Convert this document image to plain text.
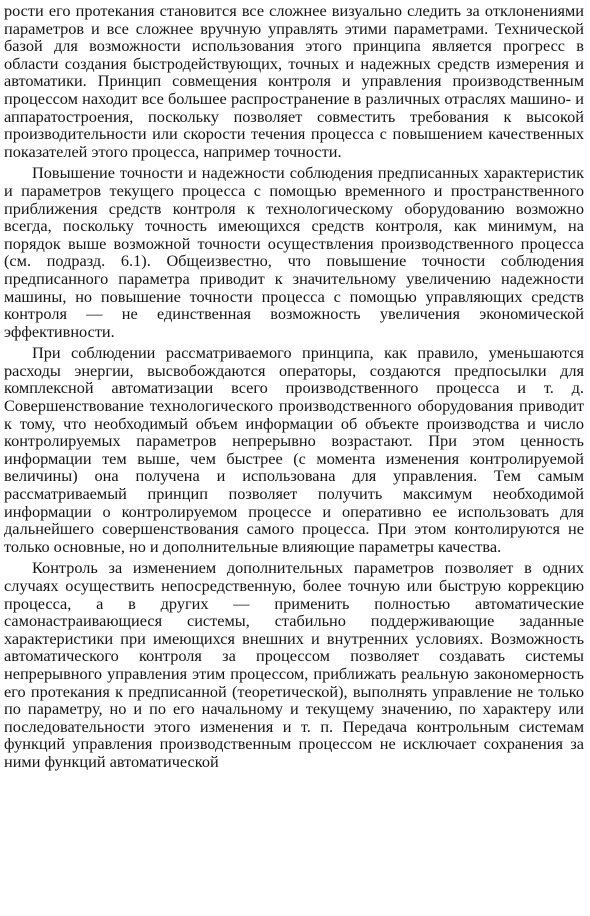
рости его протекания становится все сложнее визуально следить за отклонениями параметров и все сложнее вручную управлять этими параметрами. Технической базой для возможности использования этого принципа является прогресс в области создания быстродействующих, точных и надежных средств измерения и автоматики. Принцип совмещения контроля и управления производственным процессом находит все большее распространение в различных отраслях машино- и аппаратостроения, поскольку позволяет совместить требования к высокой производительности или скорости течения процесса с повышением качественных показателей этого процесса, например точности.

Повышение точности и надежности соблюдения предписанных характеристик и параметров текущего процесса с помощью временного и пространственного приближения средств контроля к технологическому оборудованию возможно всегда, поскольку точность имеющихся средств контроля, как минимум, на порядок выше возможной точности осуществления производственного процесса (см. подразд. 6.1). Общеизвестно, что повышение точности соблюдения предписанного параметра приводит к значительному увеличению надежности машины, но повышение точности процесса с помощью управляющих средств контроля — не единственная возможность увеличения экономической эффективности.

При соблюдении рассматриваемого принципа, как правило, уменьшаются расходы энергии, высвобождаются операторы, создаются предпосылки для комплексной автоматизации всего производственного процесса и т. д. Совершенствование технологического производственного оборудования приводит к тому, что необходимый объем информации об объекте производства и число контролируемых параметров непрерывно возрастают. При этом ценность информации тем выше, чем быстрее (с момента изменения контролируемой величины) она получена и использована для управления. Тем самым рассматриваемый принцип позволяет получить максимум необходимой информации о контролируемом процессе и оперативно ее использовать для дальнейшего совершенствования самого процесса. При этом контолируются не только основные, но и дополнительные влияющие параметры качества.

Контроль за изменением дополнительных параметров позволяет в одних случаях осуществить непосредственную, более точную или быструю коррекцию процесса, а в других — применить полностью автоматические самонастраивающиеся системы, стабильно поддерживающие заданные характеристики при имеющихся внешних и внутренних условиях. Возможность автоматического контроля за процессом позволяет создавать системы непрерывного управления этим процессом, приближать реальную закономерность его протекания к предписанной (теоретической), выполнять управление не только по параметру, но и по его начальному и текущему значению, по характеру или последовательности этого изменения и т. п. Передача контрольным системам функций управления производственным процессом не исключает сохранения за ними функций автоматической
